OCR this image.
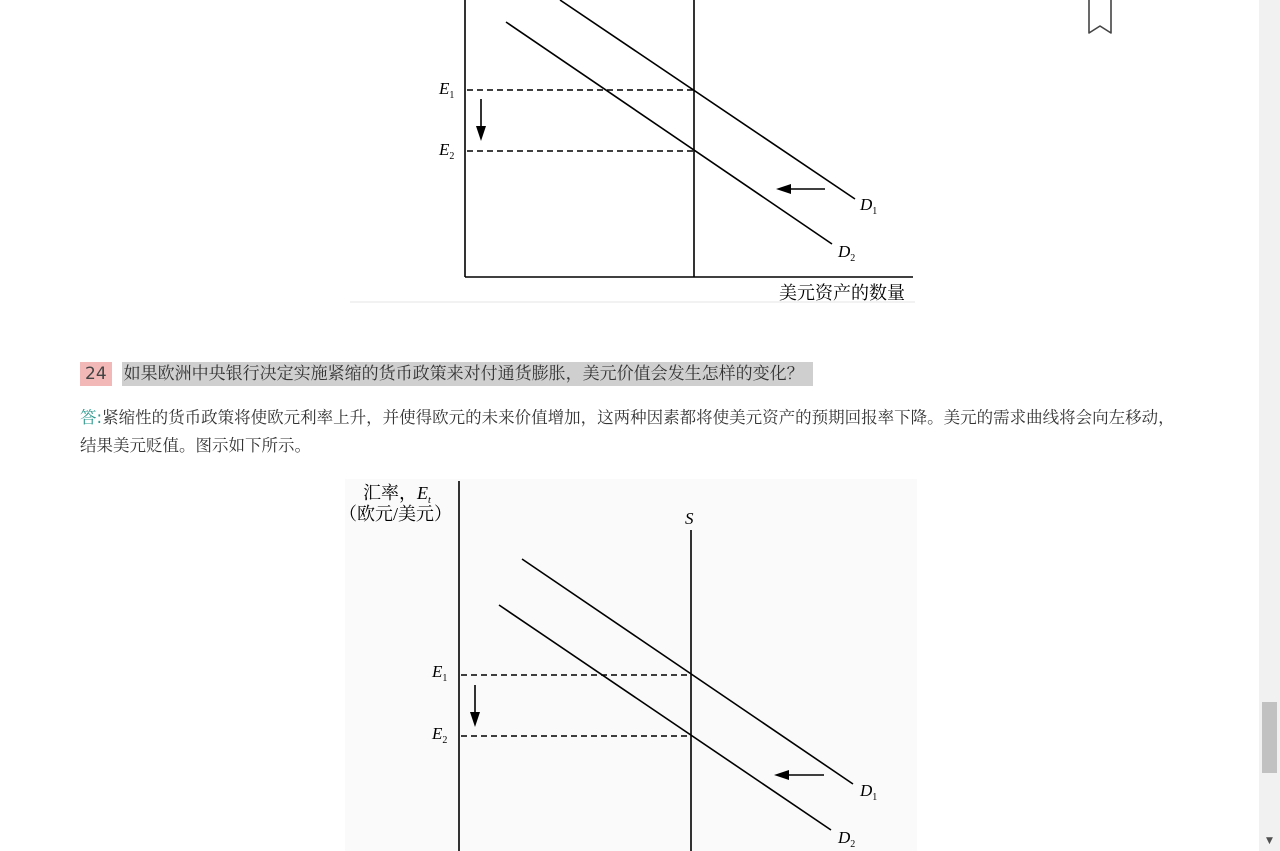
$E_1$
$E_2$
$D_1$
$D_2$
美元资产的数量
24 如果欧洲中央银行决定实施紧缩的货币政策来对付通货膨胀，美元价值会发生怎样的变化？
答:紧缩性的货币政策将使欧元利率上升，并使得欧元的未来价值增加，这两种因素都将使美元资产的预期回报率下降。美元的需求曲线将会向左移动，结果美元贬值。图示如下所示。
汇率，$E_t$
（欧元/美元）	S
$E_1$
$E_2$
$D_1$
$D_2$	▼
